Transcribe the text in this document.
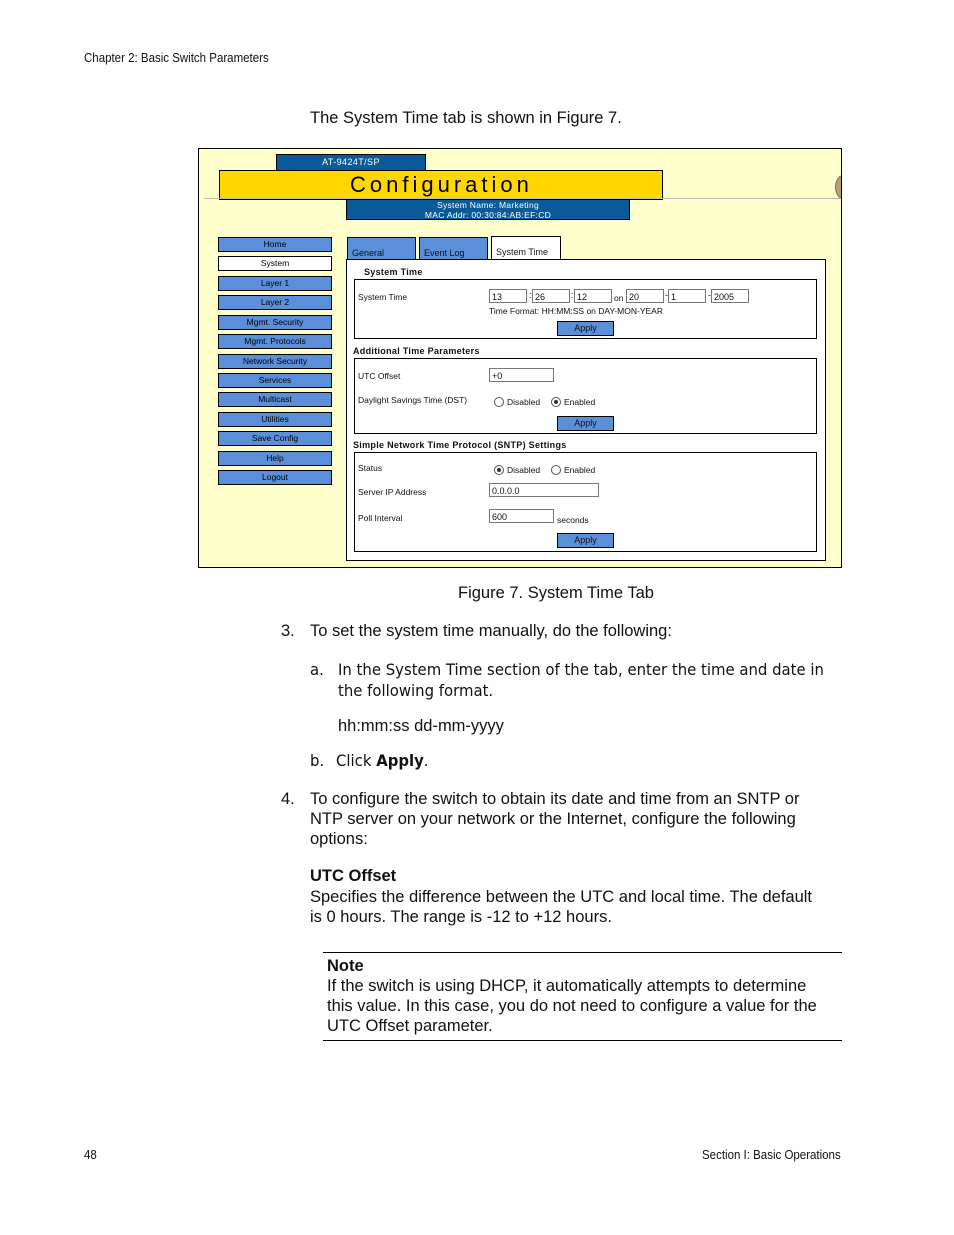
Chapter 2: Basic Switch Parameters
The System Time tab is shown in Figure 7.
AT-9424T/SP
Configuration
System Name: Marketing
MAC Addr: 00:30:84:AB:EF:CD
Home
System
Layer 1
Layer 2
Mgmt. Security
Mgmt. Protocols
Network Security
Services
Multicast
Utilities
Save Config
Help
Logout
General	Event Log	System Time
System Time
System Time	13	: 26	: 12	on 20	- 1	- 2005
Time Format: HH:MM:SS on DAY-MON-YEAR
Apply
Additional Time Parameters
UTC Offset	+0
Daylight Savings Time (DST)	Disabled	Enabled
Apply
Simple Network Time Protocol (SNTP) Settings
Status	Disabled	Enabled
Server IP Address	0.0.0.0
Poll Interval	600	seconds
Apply
Figure 7. System Time Tab
3. To set the system time manually, do the following:
a. In the System Time section of the tab, enter the time and date in
the following format.
hh:mm:ss dd-mm-yyyy
b. Click Apply.
4. To configure the switch to obtain its date and time from an SNTP or
NTP server on your network or the Internet, configure the following
options:
UTC Offset
Specifies the difference between the UTC and local time. The default
is 0 hours. The range is -12 to +12 hours.
Note
If the switch is using DHCP, it automatically attempts to determine
this value. In this case, you do not need to configure a value for the
UTC Offset parameter.
48	Section I: Basic Operations
